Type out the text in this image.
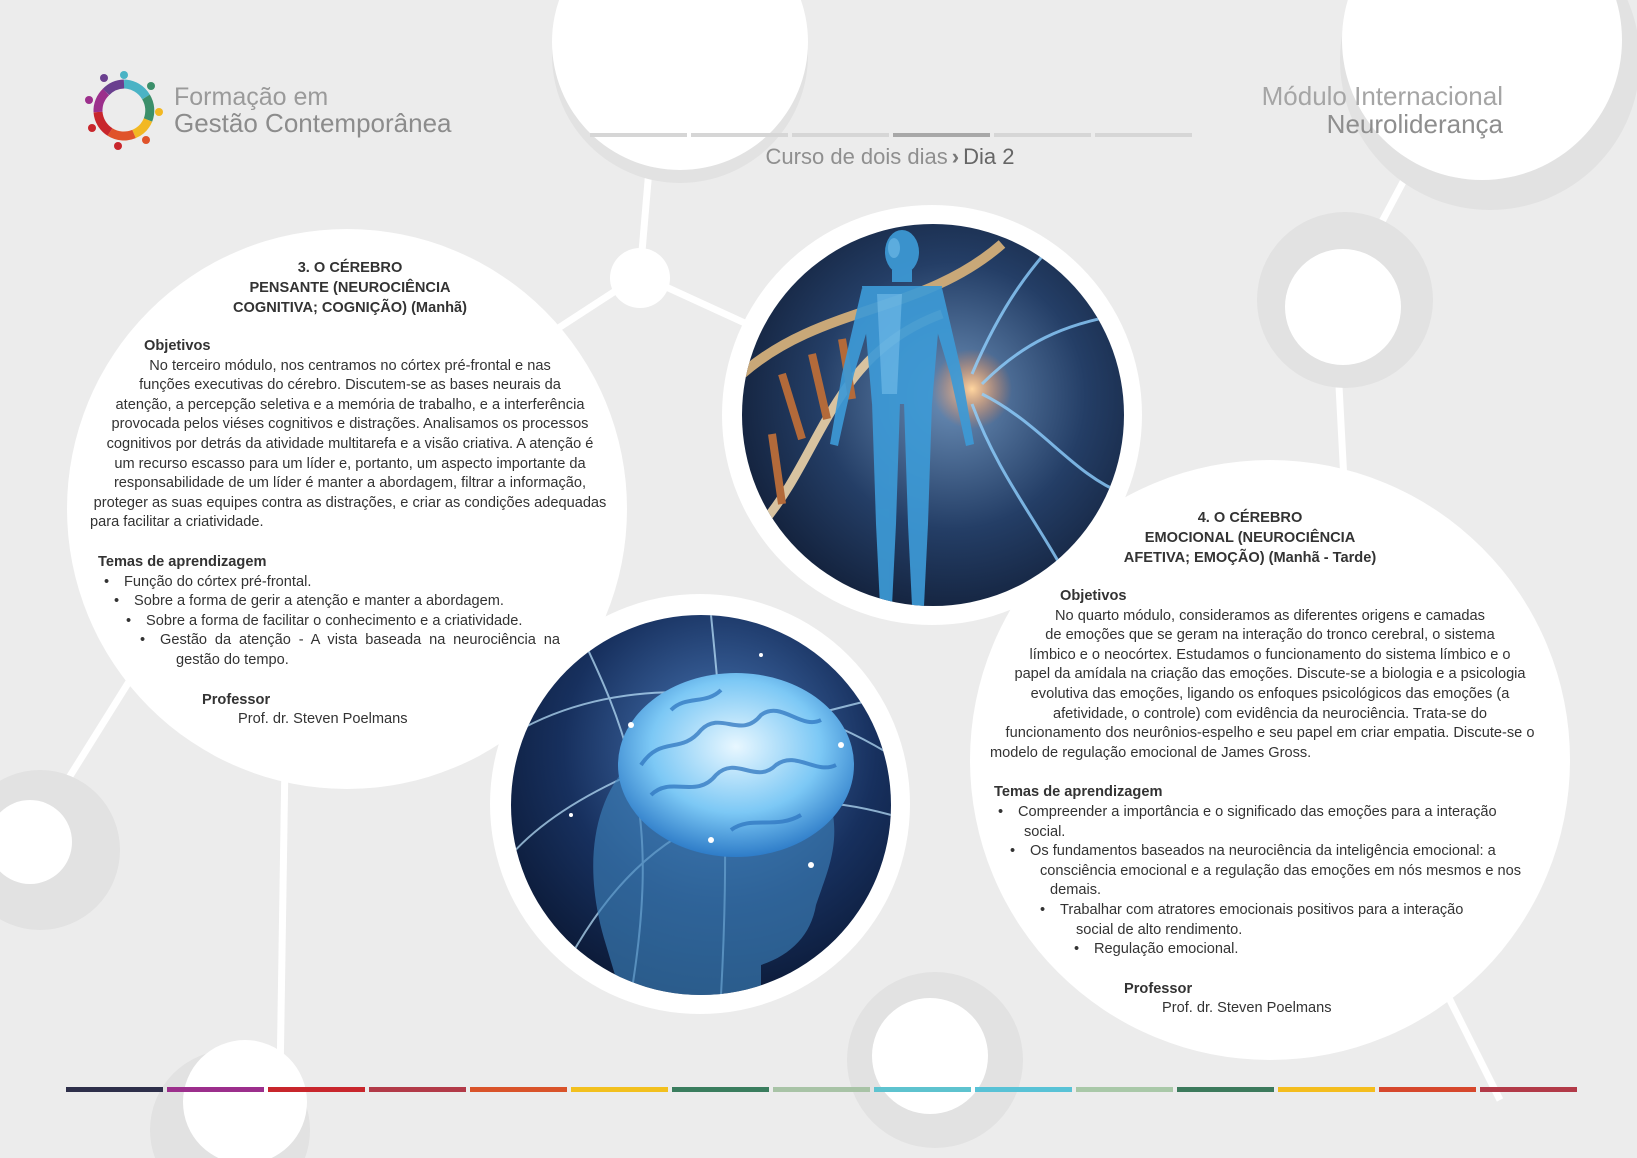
Formação em
Gestão Contemporânea
Módulo Internacional
Neuroliderança
Curso de dois dias › Dia 2
3. O CÉREBRO
PENSANTE (NEUROCIÊNCIA
COGNITIVA; COGNIÇÃO) (Manhã)
Objetivos
No terceiro módulo, nos centramos no córtex pré-frontal e nas
funções executivas do cérebro. Discutem-se as bases neurais da
atenção, a percepção seletiva e a memória de trabalho, e a interferência
provocada pelos viéses cognitivos e distrações. Analisamos os processos
cognitivos por detrás da atividade multitarefa e a visão criativa. A atenção é
um recurso escasso para um líder e, portanto, um aspecto importante da
responsabilidade de um líder é manter a abordagem, filtrar a informação,
proteger as suas equipes contra as distrações, e criar as condições adequadas
para facilitar a criatividade.
Temas de aprendizagem
• Função do córtex pré-frontal.
• Sobre a forma de gerir a atenção e manter a abordagem.
• Sobre a forma de facilitar o conhecimento e a criatividade.
• Gestão da atenção - A vista baseada na neurociência na
gestão do tempo.
Professor
Prof. dr. Steven Poelmans
4. O CÉREBRO
EMOCIONAL (NEUROCIÊNCIA
AFETIVA; EMOÇÃO) (Manhã - Tarde)
Objetivos
No quarto módulo, consideramos as diferentes origens e camadas
de emoções que se geram na interação do tronco cerebral, o sistema
límbico e o neocórtex. Estudamos o funcionamento do sistema límbico e o
papel da amídala na criação das emoções. Discute-se a biologia e a psicologia
evolutiva das emoções, ligando os enfoques psicológicos das emoções (a
afetividade, o controle) com evidência da neurociência. Trata-se do
funcionamento dos neurônios-espelho e seu papel em criar empatia. Discute-se o
modelo de regulação emocional de James Gross.
Temas de aprendizagem
• Compreender a importância e o significado das emoções para a interação
social.
• Os fundamentos baseados na neurociência da inteligência emocional: a
consciência emocional e a regulação das emoções em nós mesmos e nos
demais.
• Trabalhar com atratores emocionais positivos para a interação
social de alto rendimento.
• Regulação emocional.
Professor
Prof. dr. Steven Poelmans
